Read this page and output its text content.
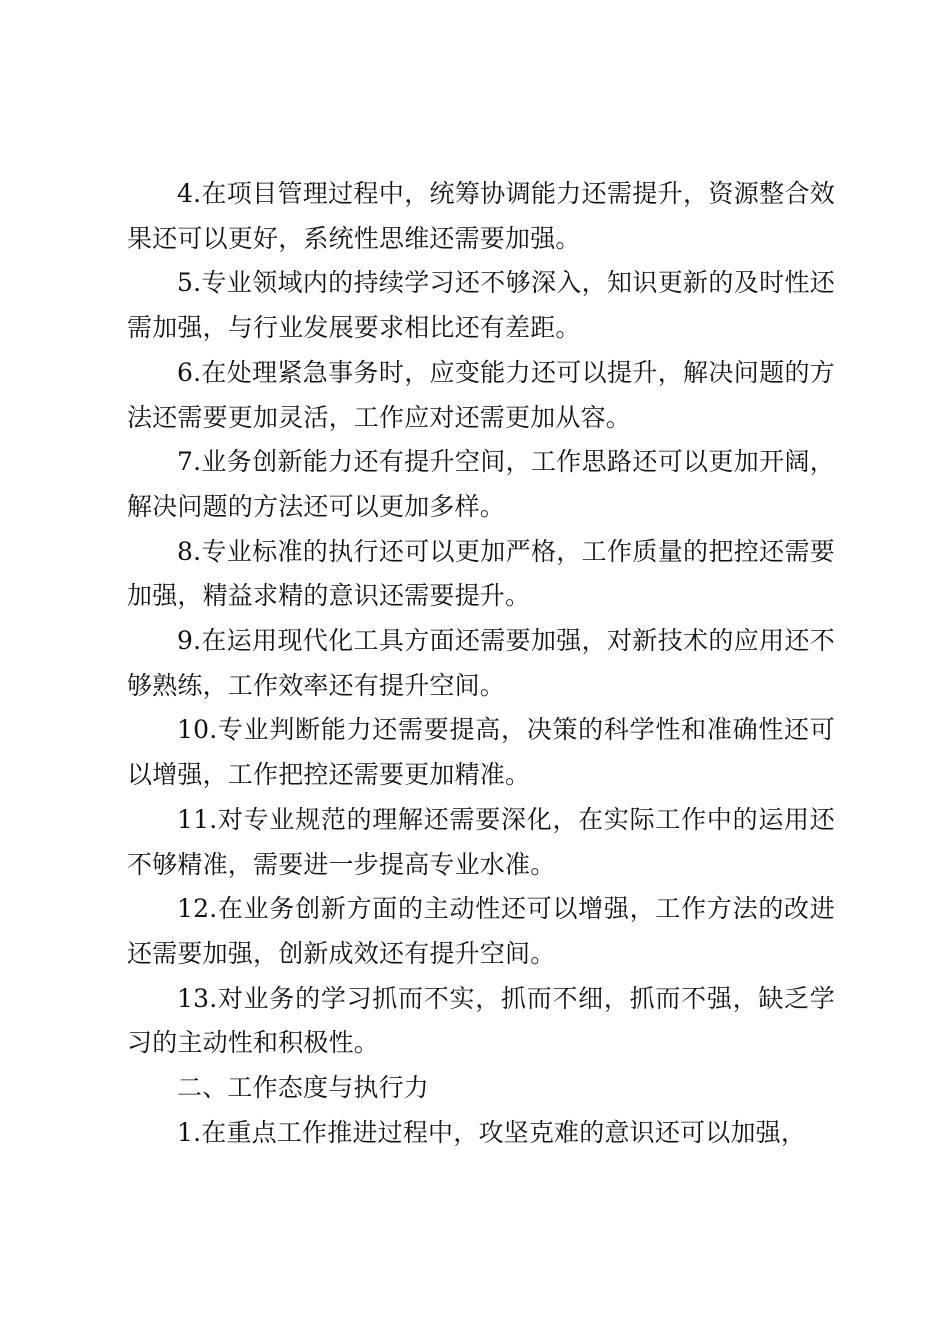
4.在项目管理过程中，统筹协调能力还需提升，资源整合效果还可以更好，系统性思维还需要加强。

5.专业领域内的持续学习还不够深入，知识更新的及时性还需加强，与行业发展要求相比还有差距。

6.在处理紧急事务时，应变能力还可以提升，解决问题的方法还需要更加灵活，工作应对还需更加从容。

7.业务创新能力还有提升空间，工作思路还可以更加开阔，解决问题的方法还可以更加多样。

8.专业标准的执行还可以更加严格，工作质量的把控还需要加强，精益求精的意识还需要提升。

9.在运用现代化工具方面还需要加强，对新技术的应用还不够熟练，工作效率还有提升空间。

10.专业判断能力还需要提高，决策的科学性和准确性还可以增强，工作把控还需要更加精准。

11.对专业规范的理解还需要深化，在实际工作中的运用还不够精准，需要进一步提高专业水准。

12.在业务创新方面的主动性还可以增强，工作方法的改进还需要加强，创新成效还有提升空间。

13.对业务的学习抓而不实，抓而不细，抓而不强，缺乏学习的主动性和积极性。

二、工作态度与执行力

1.在重点工作推进过程中，攻坚克难的意识还可以加强，
